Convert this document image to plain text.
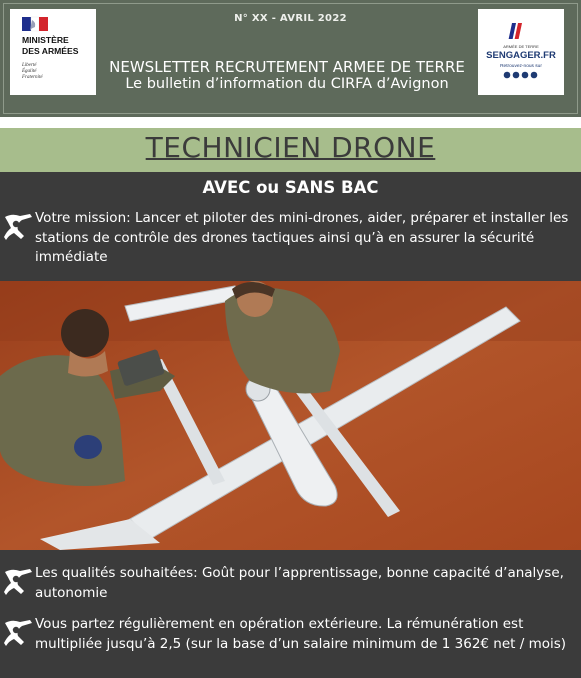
MINISTÈRE
DES ARMÉES
Liberté
Égalité
Fraternité
ARMÉE DE TERRE
SENGAGER.FR
Retrouvez-nous sur
N° XX - AVRIL 2022
NEWSLETTER RECRUTEMENT ARMEE DE TERRE
Le bulletin d’information du CIRFA d’Avignon
TECHNICIEN DRONE
AVEC ou SANS BAC
Votre mission: Lancer et piloter des mini-drones, aider, préparer et installer les stations de contrôle des drones tactiques ainsi qu’à en assurer la sécurité immédiate
Les qualités souhaitées: Goût pour l’apprentissage, bonne capacité d’analyse, autonomie
Vous partez régulièrement en opération extérieure. La rémunération est multipliée jusqu’à 2,5 (sur la base d’un salaire minimum de 1 362€ net / mois)
